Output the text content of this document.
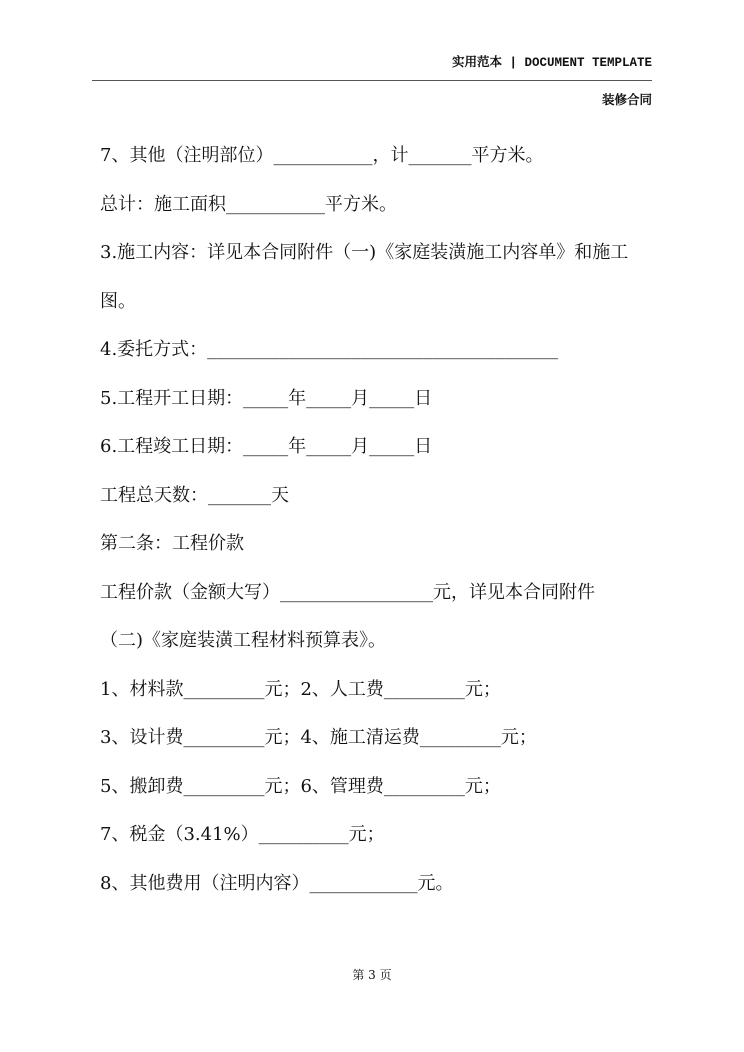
实用范本 | DOCUMENT TEMPLATE
装修合同
7、其他（注明部位）___________，计_______平方米。
总计：施工面积___________平方米。
3.施工内容：详见本合同附件（一)《家庭装潢施工内容单》和施工
图。
4.委托方式：_______________________________________
5.工程开工日期：_____年_____月_____日
6.工程竣工日期：_____年_____月_____日
工程总天数：_______天
第二条：工程价款
工程价款（金额大写）_________________元，详见本合同附件
（二)《家庭装潢工程材料预算表》。
1、材料款_________元；2、人工费_________元；
3、设计费_________元；4、施工清运费_________元；
5、搬卸费_________元；6、管理费_________元；
7、税金（3.41%）__________元；
8、其他费用（注明内容）____________元。
第 3 页
